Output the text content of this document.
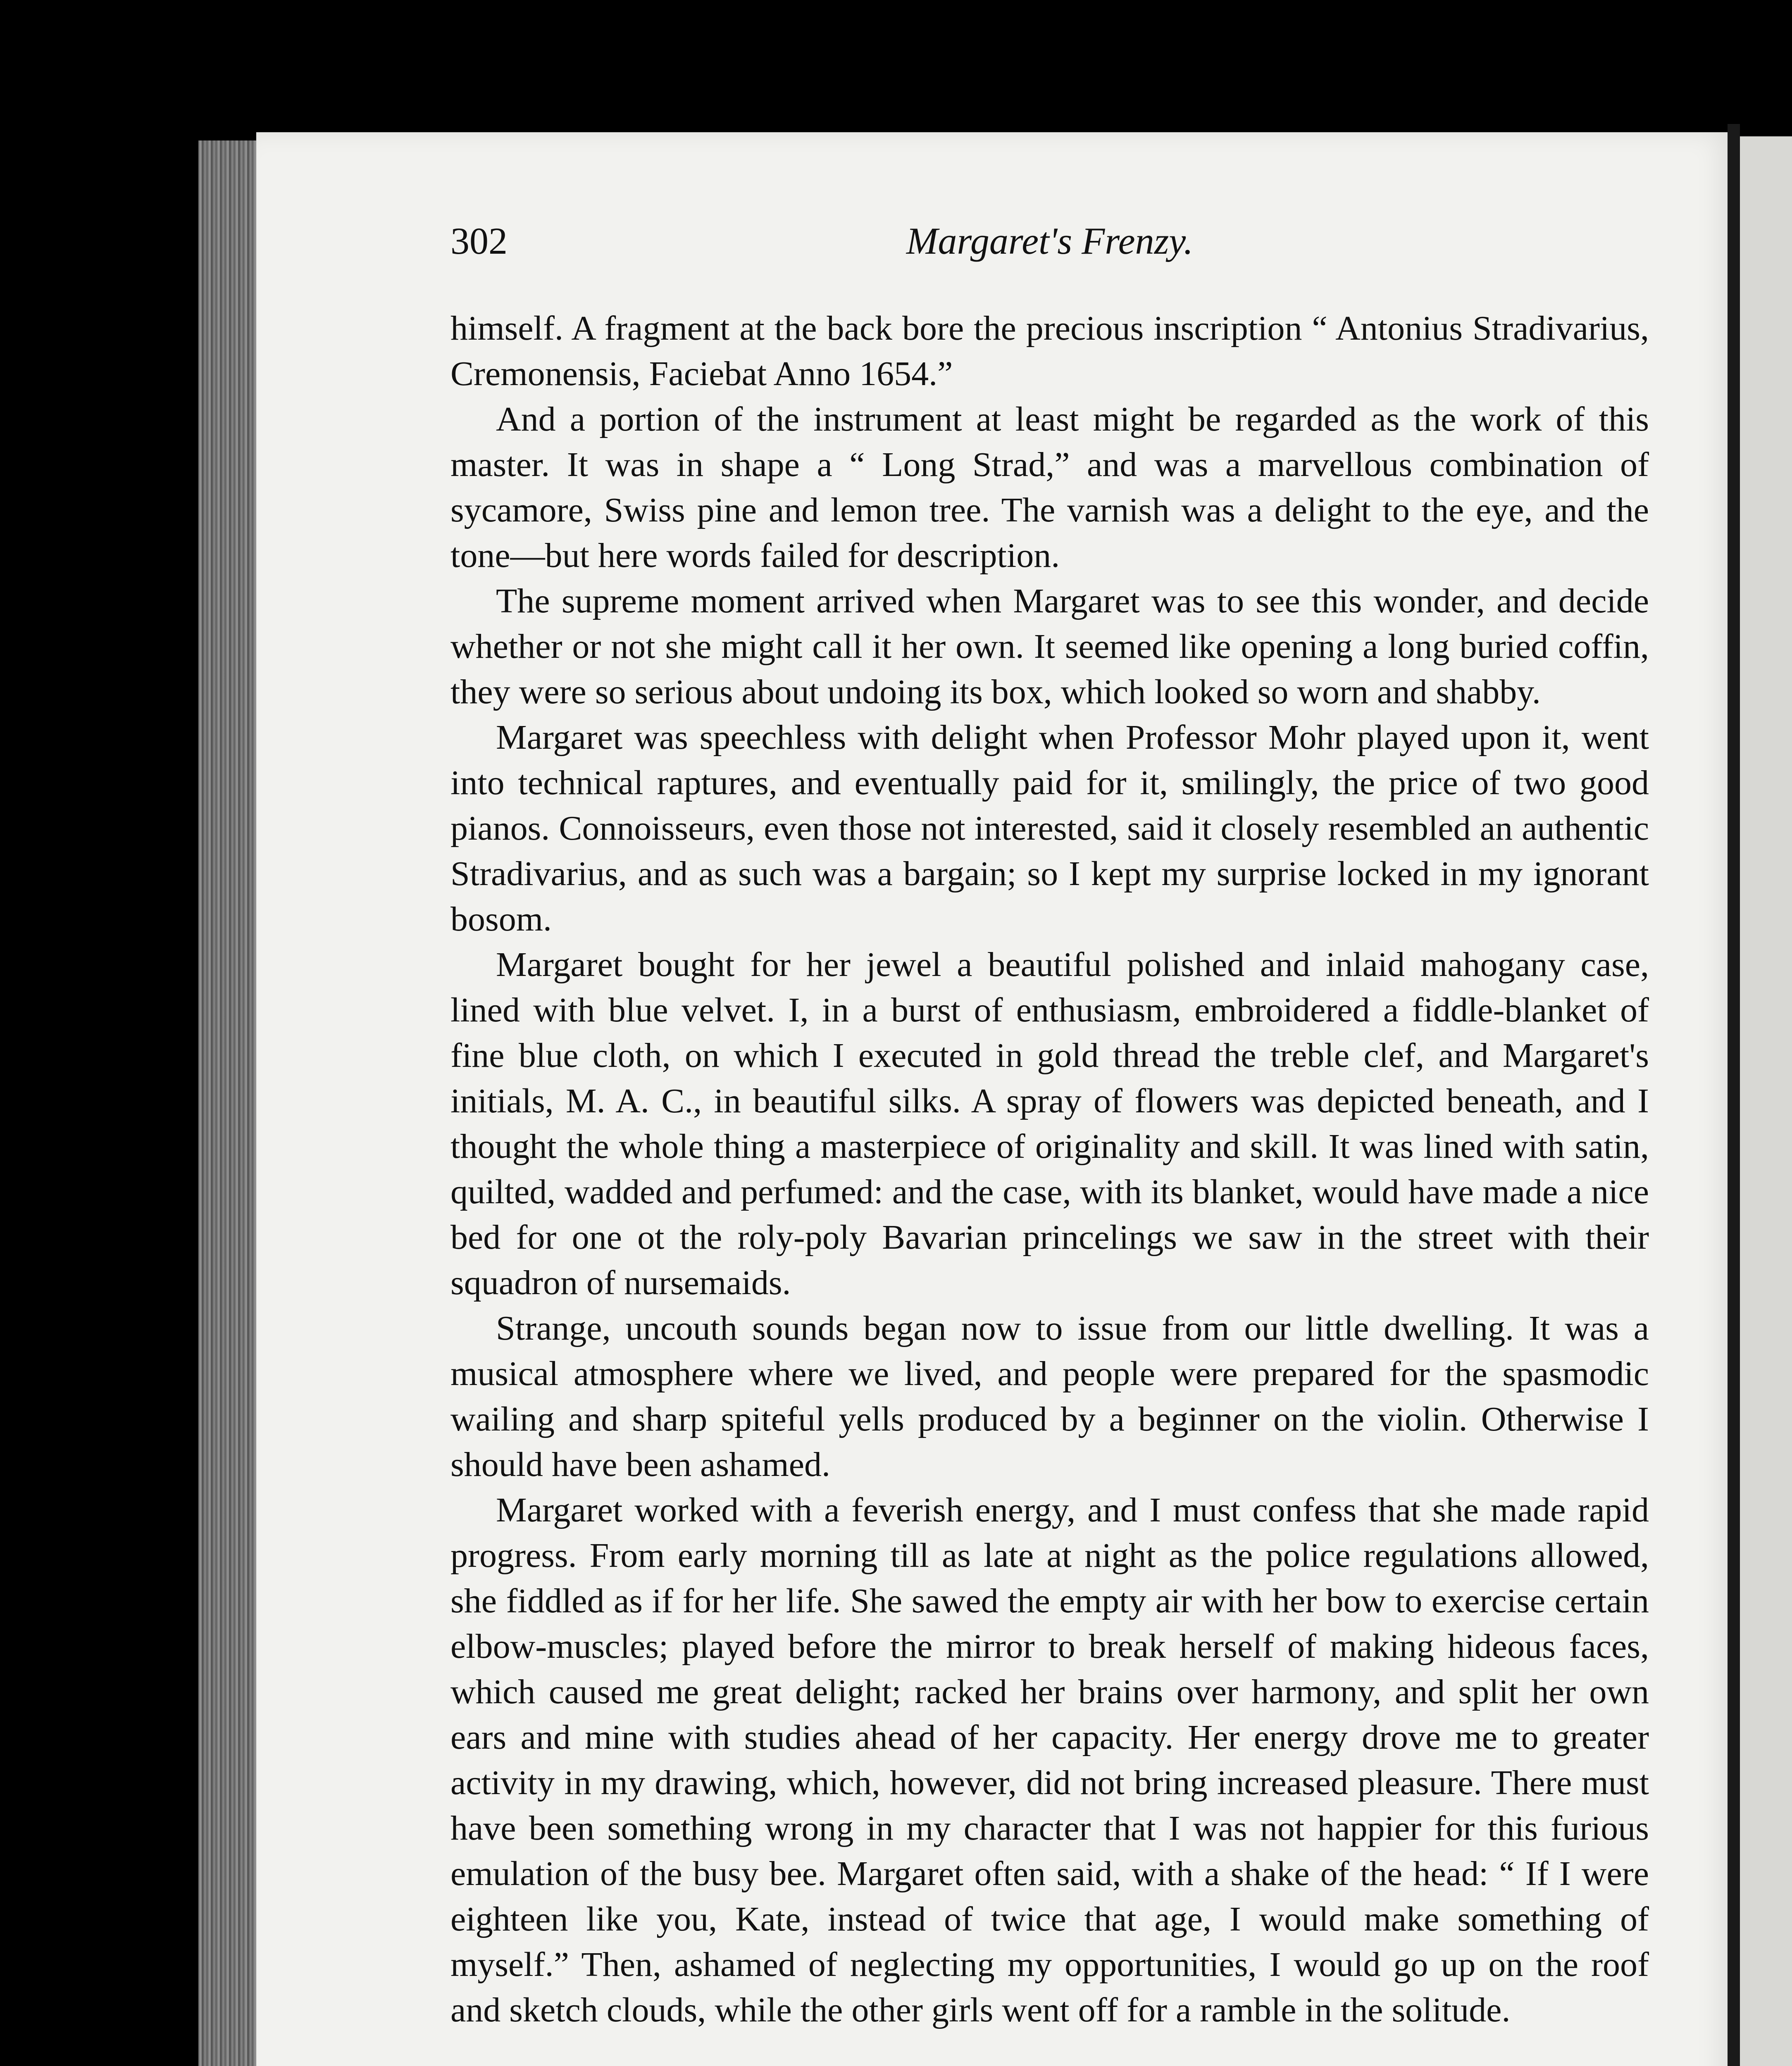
302	Margaret's Frenzy.

himself. A fragment at the back bore the precious inscription “ Antonius Stradivarius, Cremonensis, Faciebat Anno 1654.”

And a portion of the instrument at least might be regarded as the work of this master. It was in shape a “ Long Strad,” and was a marvellous combination of sycamore, Swiss pine and lemon tree. The varnish was a delight to the eye, and the tone—but here words failed for description.

The supreme moment arrived when Margaret was to see this wonder, and decide whether or not she might call it her own. It seemed like opening a long buried coffin, they were so serious about undoing its box, which looked so worn and shabby.

Margaret was speechless with delight when Professor Mohr played upon it, went into technical raptures, and eventually paid for it, smilingly, the price of two good pianos. Connoisseurs, even those not interested, said it closely resembled an authentic Stradivarius, and as such was a bargain; so I kept my surprise locked in my ignorant bosom.

Margaret bought for her jewel a beautiful polished and inlaid mahogany case, lined with blue velvet. I, in a burst of enthusiasm, embroidered a fiddle-blanket of fine blue cloth, on which I executed in gold thread the treble clef, and Margaret's initials, M. A. C., in beautiful silks. A spray of flowers was depicted beneath, and I thought the whole thing a masterpiece of originality and skill. It was lined with satin, quilted, wadded and perfumed: and the case, with its blanket, would have made a nice bed for one ot the roly-poly Bavarian princelings we saw in the street with their squadron of nursemaids.

Strange, uncouth sounds began now to issue from our little dwelling. It was a musical atmosphere where we lived, and people were prepared for the spasmodic wailing and sharp spiteful yells produced by a beginner on the violin. Otherwise I should have been ashamed.

Margaret worked with a feverish energy, and I must confess that she made rapid progress. From early morning till as late at night as the police regulations allowed, she fiddled as if for her life. She sawed the empty air with her bow to exercise certain elbow-muscles; played before the mirror to break herself of making hideous faces, which caused me great delight; racked her brains over harmony, and split her own ears and mine with studies ahead of her capacity. Her energy drove me to greater activity in my drawing, which, however, did not bring increased pleasure. There must have been something wrong in my character that I was not happier for this furious emulation of the busy bee. Margaret often said, with a shake of the head: “ If I were eighteen like you, Kate, instead of twice that age, I would make something of myself.” Then, ashamed of neglecting my opportunities, I would go up on the roof and sketch clouds, while the other girls went off for a ramble in the solitude.
